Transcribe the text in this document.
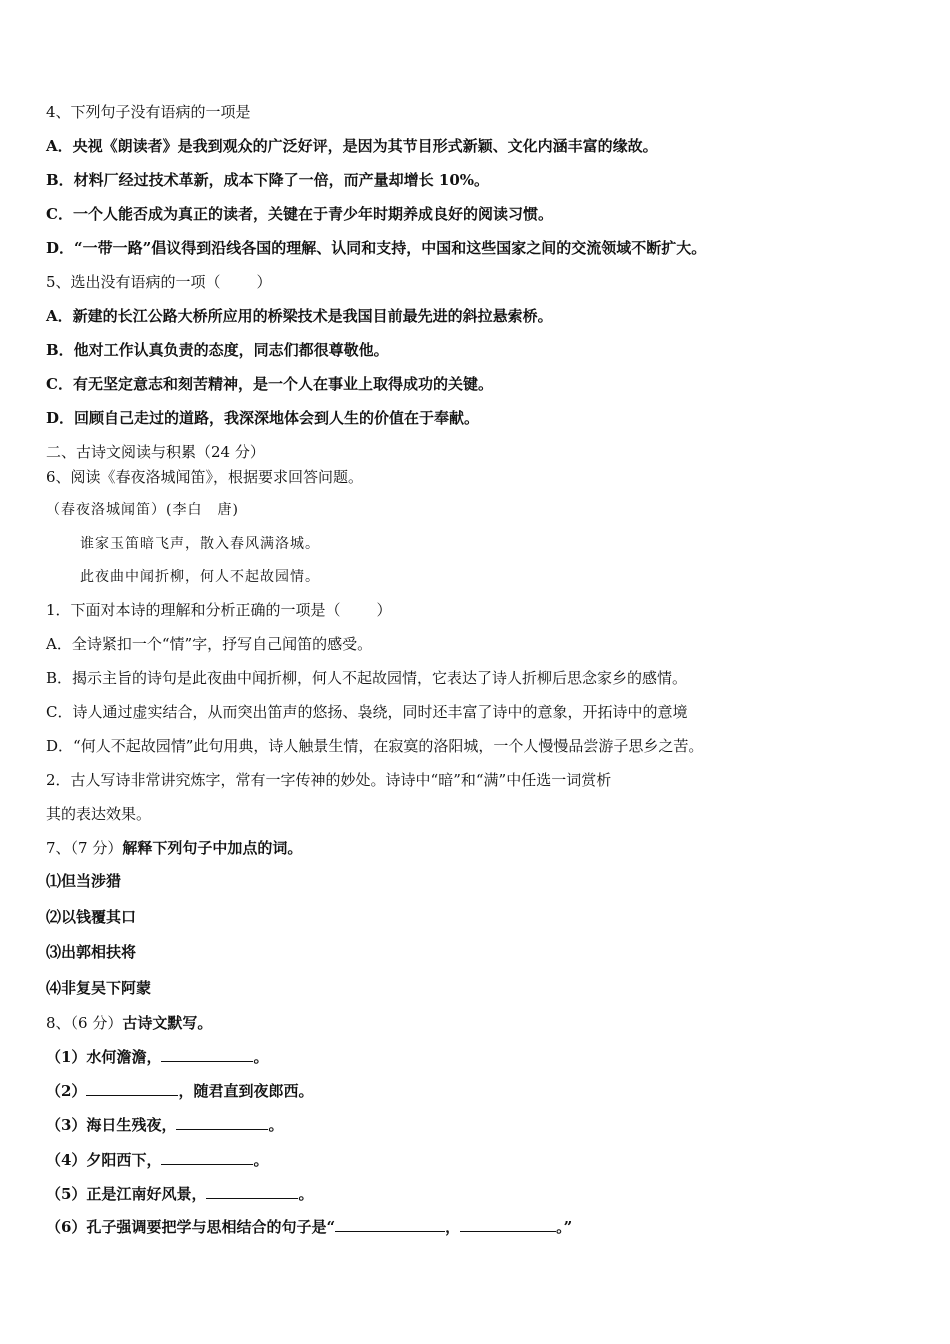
4、下列句子没有语病的一项是
A．央视《朗读者》是我到观众的广泛好评，是因为其节目形式新颖、文化内涵丰富的缘故。
B．材料厂经过技术革新，成本下降了一倍，而产量却增长 10%。
C．一个人能否成为真正的读者，关键在于青少年时期养成良好的阅读习惯。
D．“一带一路”倡议得到沿线各国的理解、认同和支持，中国和这些国家之间的交流领域不断扩大。
5、选出没有语病的一项（ ）
A．新建的长江公路大桥所应用的桥梁技术是我国目前最先进的斜拉悬索桥。
B．他对工作认真负责的态度，同志们都很尊敬他。
C．有无坚定意志和刻苦精神，是一个人在事业上取得成功的关键。
D．回顾自己走过的道路，我深深地体会到人生的价值在于奉献。
二、古诗文阅读与积累（24 分）
6、阅读《春夜洛城闻笛》，根据要求回答问题。
（春夜洛城闻笛）(李白　唐)
谁家玉笛暗飞声，散入春风满洛城。
此夜曲中闻折柳，何人不起故园情。
1．下面对本诗的理解和分析正确的一项是（ ）
A．全诗紧扣一个“情”字，抒写自己闻笛的感受。
B．揭示主旨的诗句是此夜曲中闻折柳，何人不起故园情，它表达了诗人折柳后思念家乡的感情。
C．诗人通过虚实结合，从而突出笛声的悠扬、袅绕，同时还丰富了诗中的意象，开拓诗中的意境
D．“何人不起故园情”此句用典，诗人触景生情，在寂寞的洛阳城，一个人慢慢品尝游子思乡之苦。
2．古人写诗非常讲究炼字，常有一字传神的妙处。诗诗中“暗”和“满”中任选一词赏析
其的表达效果。
7、（7 分）解释下列句子中加点的词。
⑴但当涉猎
⑵以钱覆其口
⑶出郭相扶将
⑷非复吴下阿蒙
8、（6 分）古诗文默写。
（1）水何澹澹，	。
（2）	，随君直到夜郎西。
（3）海日生残夜，	。
（4）夕阳西下，	。
（5）正是江南好风景，	。
（6）孔子强调要把学与思相结合的句子是“	，	。”
